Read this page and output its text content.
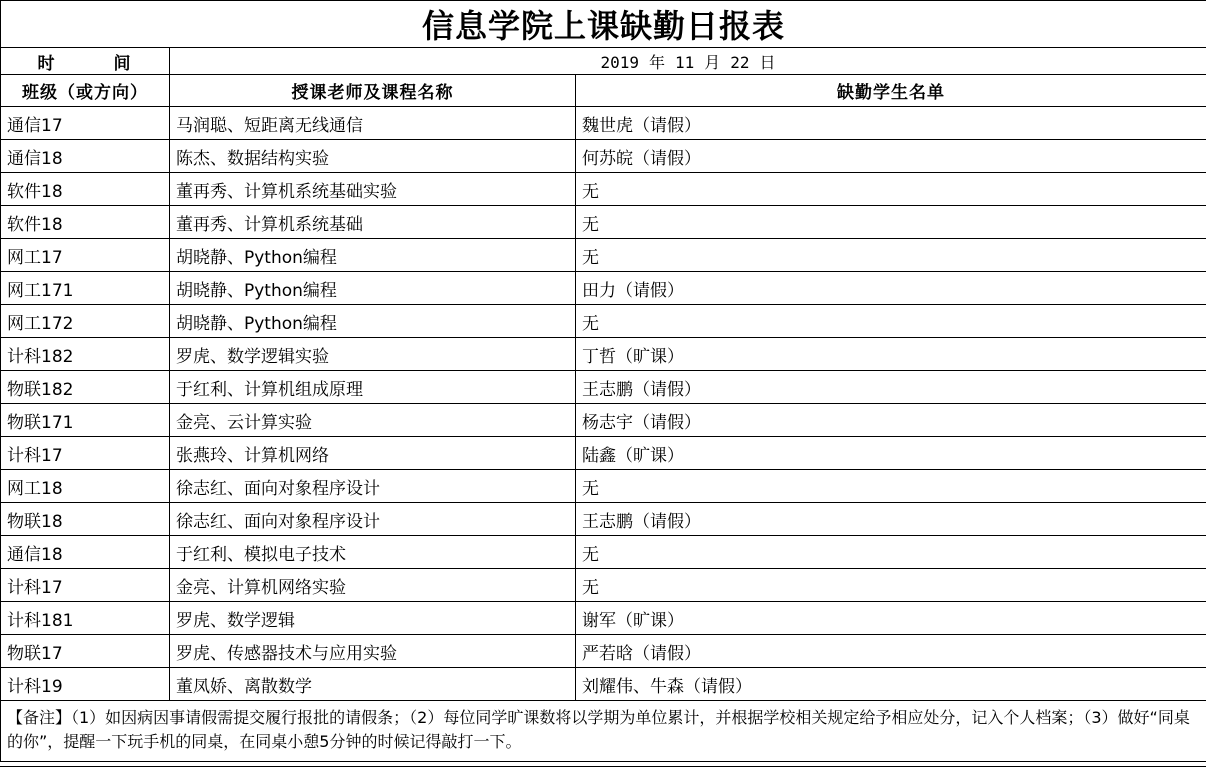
信息学院上课缺勤日报表		
时　　　间	2019 年 11 月 22 日	
班级（或方向）	授课老师及课程名称	缺勤学生名单
通信17	马润聪、短距离无线通信	魏世虎（请假）
通信18	陈杰、数据结构实验	何苏皖（请假）
软件18	董再秀、计算机系统基础实验	无
软件18	董再秀、计算机系统基础	无
网工17	胡晓静、Python编程	无
网工171	胡晓静、Python编程	田力（请假）
网工172	胡晓静、Python编程	无
计科182	罗虎、数学逻辑实验	丁哲（旷课）
物联182	于红利、计算机组成原理	王志鹏（请假）
物联171	金亮、云计算实验	杨志宇（请假）
计科17	张燕玲、计算机网络	陆鑫（旷课）
网工18	徐志红、面向对象程序设计	无
物联18	徐志红、面向对象程序设计	王志鹏（请假）
通信18	于红利、模拟电子技术	无
计科17	金亮、计算机网络实验	无
计科181	罗虎、数学逻辑	谢军（旷课）
物联17	罗虎、传感器技术与应用实验	严若晗（请假）
计科19	董凤娇、离散数学	刘耀伟、牛森（请假）
【备注】（1）如因病因事请假需提交履行报批的请假条；（2）每位同学旷课数将以学期为单位累计，并根据学校相关规定给予相应处分，记入个人档案；（3）做好“同桌的你”，提醒一下玩手机的同桌，在同桌小憩5分钟的时候记得敲打一下。		
